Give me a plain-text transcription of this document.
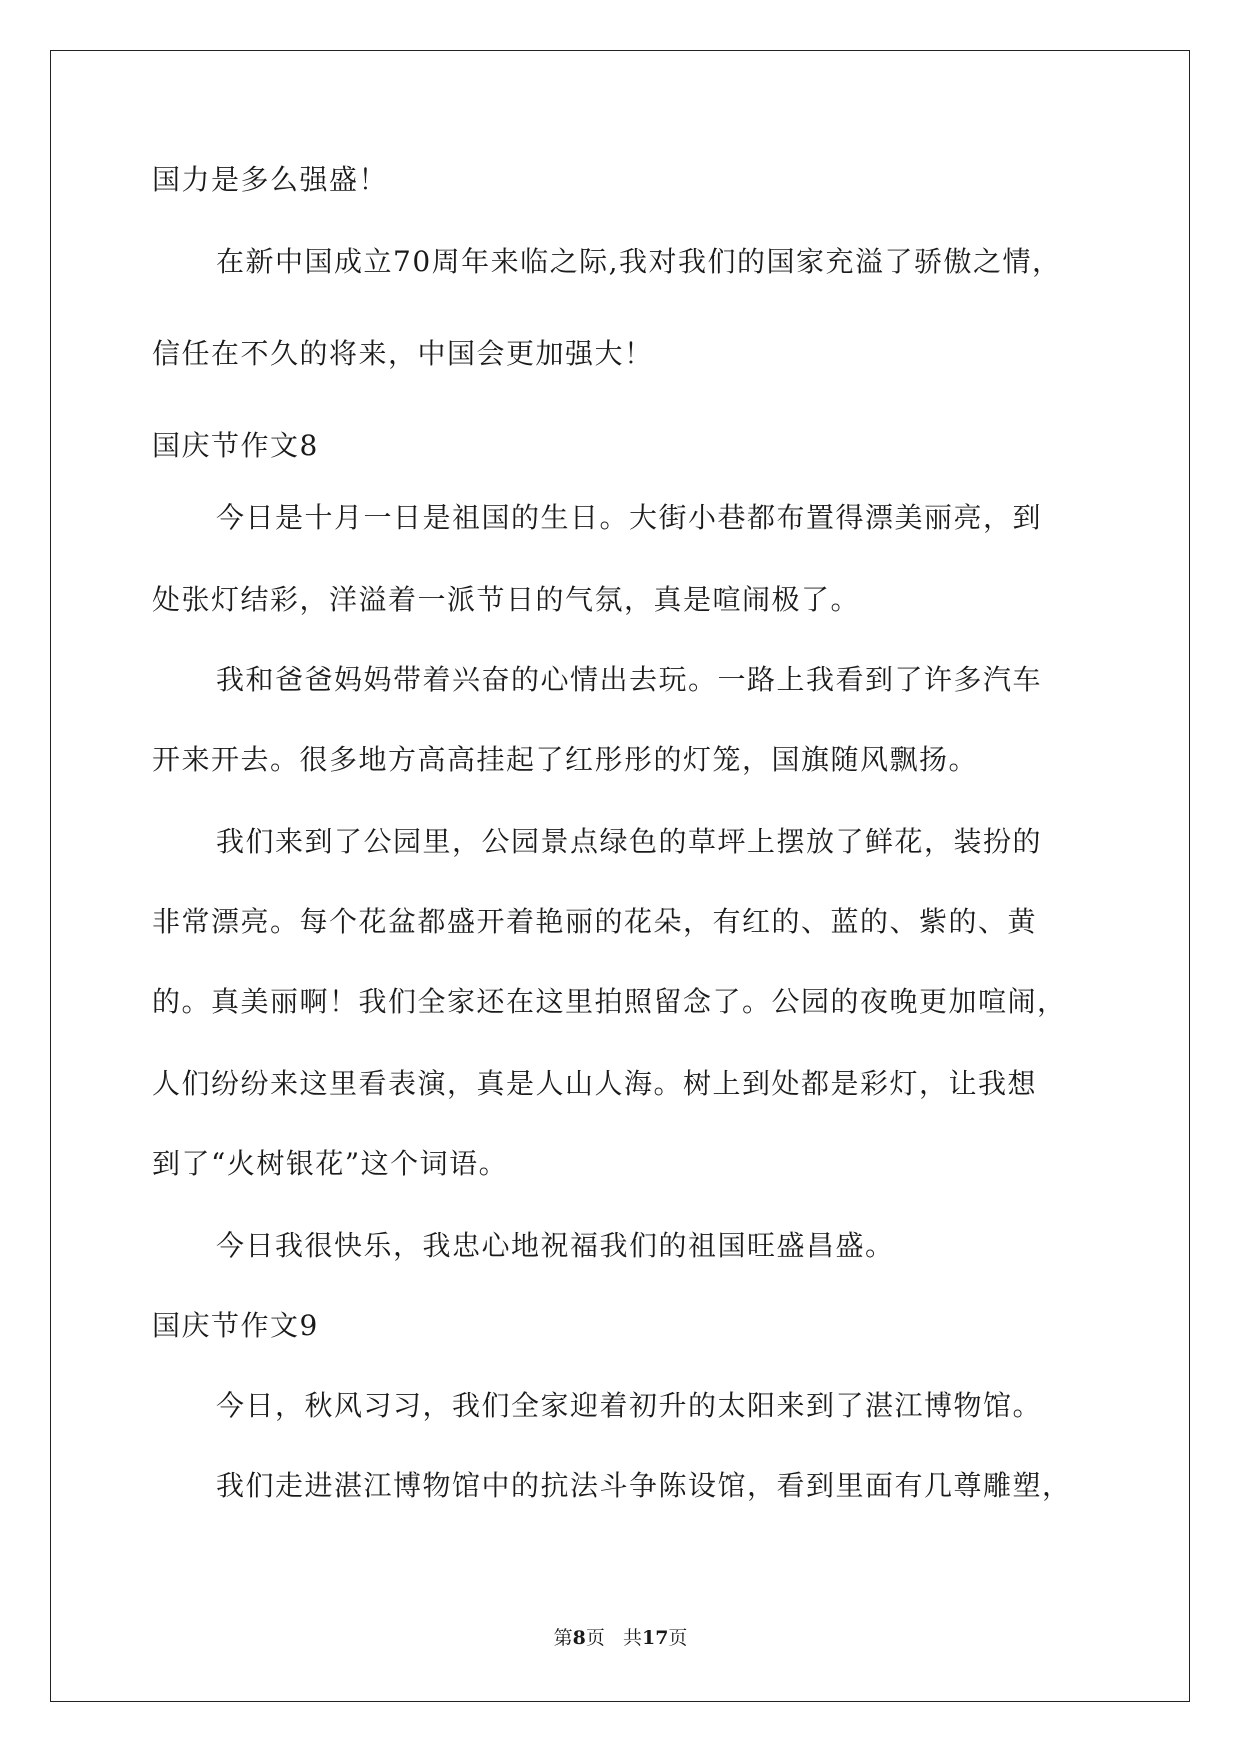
国力是多么强盛！
在新中国成立70周年来临之际,我对我们的国家充溢了骄傲之情，
信任在不久的将来，中国会更加强大！
国庆节作文8
今日是十月一日是祖国的生日。大街小巷都布置得漂美丽亮，到
处张灯结彩，洋溢着一派节日的气氛，真是喧闹极了。
我和爸爸妈妈带着兴奋的心情出去玩。一路上我看到了许多汽车
开来开去。很多地方高高挂起了红彤彤的灯笼，国旗随风飘扬。
我们来到了公园里，公园景点绿色的草坪上摆放了鲜花，装扮的
非常漂亮。每个花盆都盛开着艳丽的花朵，有红的、蓝的、紫的、黄
的。真美丽啊！我们全家还在这里拍照留念了。公园的夜晚更加喧闹，
人们纷纷来这里看表演，真是人山人海。树上到处都是彩灯，让我想
到了“火树银花”这个词语。
今日我很快乐，我忠心地祝福我们的祖国旺盛昌盛。
国庆节作文9
今日，秋风习习，我们全家迎着初升的太阳来到了湛江博物馆。
我们走进湛江博物馆中的抗法斗争陈设馆，看到里面有几尊雕塑，
第8页 共17页
